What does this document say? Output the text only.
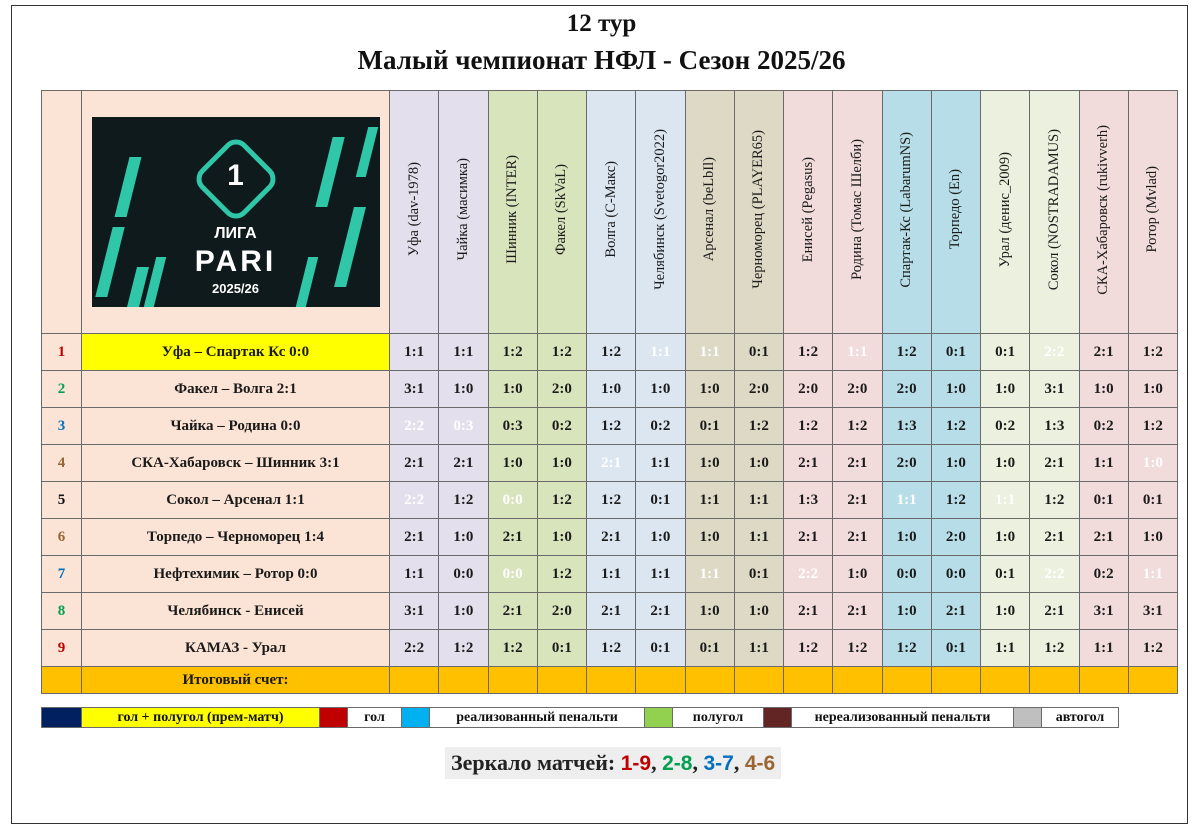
12 тур
Малый чемпионат НФЛ - Сезон 2025/26

	1
ЛИГА
PARI
2025/26	Уфа (dav-1978)	Чайка (масимка)	Шинник (INTER)	Факел (SkVaL)	Волга (C-Макс)	Челябинск (Svetogor2022)	Арсенал (beLbIl)	Черноморец (PLAYER65)	Енисей (Pegasus)	Родина (Томас Шелби)	Спартак-Кс (LabarumNS)	Торпедо (En)	Урал (денис_2009)	Сокол (NOSTRADAMUS)	СКА-Хабаровск (rukivverh)	Ротор (Mvlad)
1	Уфа – Спартак Кс 0:0	1:1	1:1	1:2	1:2	1:2	1:1	1:1	0:1	1:2	1:1	1:2	0:1	0:1	2:2	2:1	1:2
2	Факел – Волга 2:1	3:1	1:0	1:0	2:0	1:0	1:0	1:0	2:0	2:0	2:0	2:0	1:0	1:0	3:1	1:0	1:0
3	Чайка – Родина 0:0	2:2	0:3	0:3	0:2	1:2	0:2	0:1	1:2	1:2	1:2	1:3	1:2	0:2	1:3	0:2	1:2
4	СКА-Хабаровск – Шинник 3:1	2:1	2:1	1:0	1:0	2:1	1:1	1:0	1:0	2:1	2:1	2:0	1:0	1:0	2:1	1:1	1:0
5	Сокол – Арсенал 1:1	2:2	1:2	0:0	1:2	1:2	0:1	1:1	1:1	1:3	2:1	1:1	1:2	1:1	1:2	0:1	0:1
6	Торпедо – Черноморец 1:4	2:1	1:0	2:1	1:0	2:1	1:0	1:0	1:1	2:1	2:1	1:0	2:0	1:0	2:1	2:1	1:0
7	Нефтехимик – Ротор 0:0	1:1	0:0	0:0	1:2	1:1	1:1	1:1	0:1	2:2	1:0	0:0	0:0	0:1	2:2	0:2	1:1
8	Челябинск - Енисей	3:1	1:0	2:1	2:0	2:1	2:1	1:0	1:0	2:1	2:1	1:0	2:1	1:0	2:1	3:1	3:1
9	КАМАЗ - Урал	2:2	1:2	1:2	0:1	1:2	0:1	0:1	1:1	1:2	1:2	1:2	0:1	1:1	1:2	1:1	1:2
	Итоговый счет:																
	гол + полугол (прем-матч)		гол		реализованный пенальти		полугол		нереализованный пенальти		автогол
Зеркало матчей: 1-9, 2-8, 3-7, 4-6
